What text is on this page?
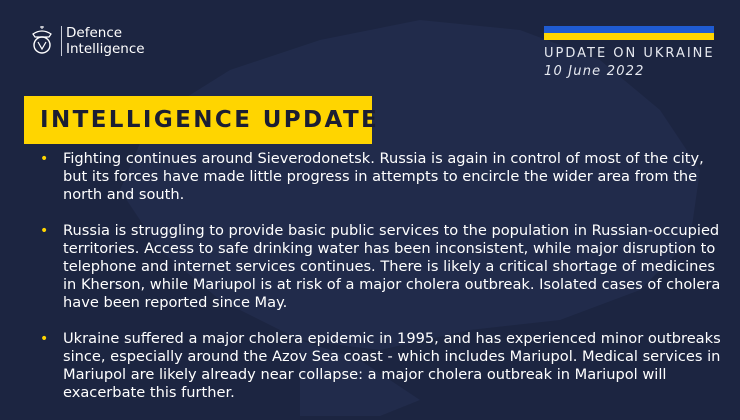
Defence
Intelligence	UPDATE ON UKRAINE
10 June 2022
INTELLIGENCE UPDATE
• Fighting continues around Sieverodonetsk. Russia is again in control of most of the city, but its forces have made little progress in attempts to encircle the wider area from the north and south.
• Russia is struggling to provide basic public services to the population in Russian-occupied territories. Access to safe drinking water has been inconsistent, while major disruption to telephone and internet services continues. There is likely a critical shortage of medicines in Kherson, while Mariupol is at risk of a major cholera outbreak. Isolated cases of cholera have been reported since May.
• Ukraine suffered a major cholera epidemic in 1995, and has experienced minor outbreaks since, especially around the Azov Sea coast - which includes Mariupol. Medical services in Mariupol are likely already near collapse: a major cholera outbreak in Mariupol will exacerbate this further.
